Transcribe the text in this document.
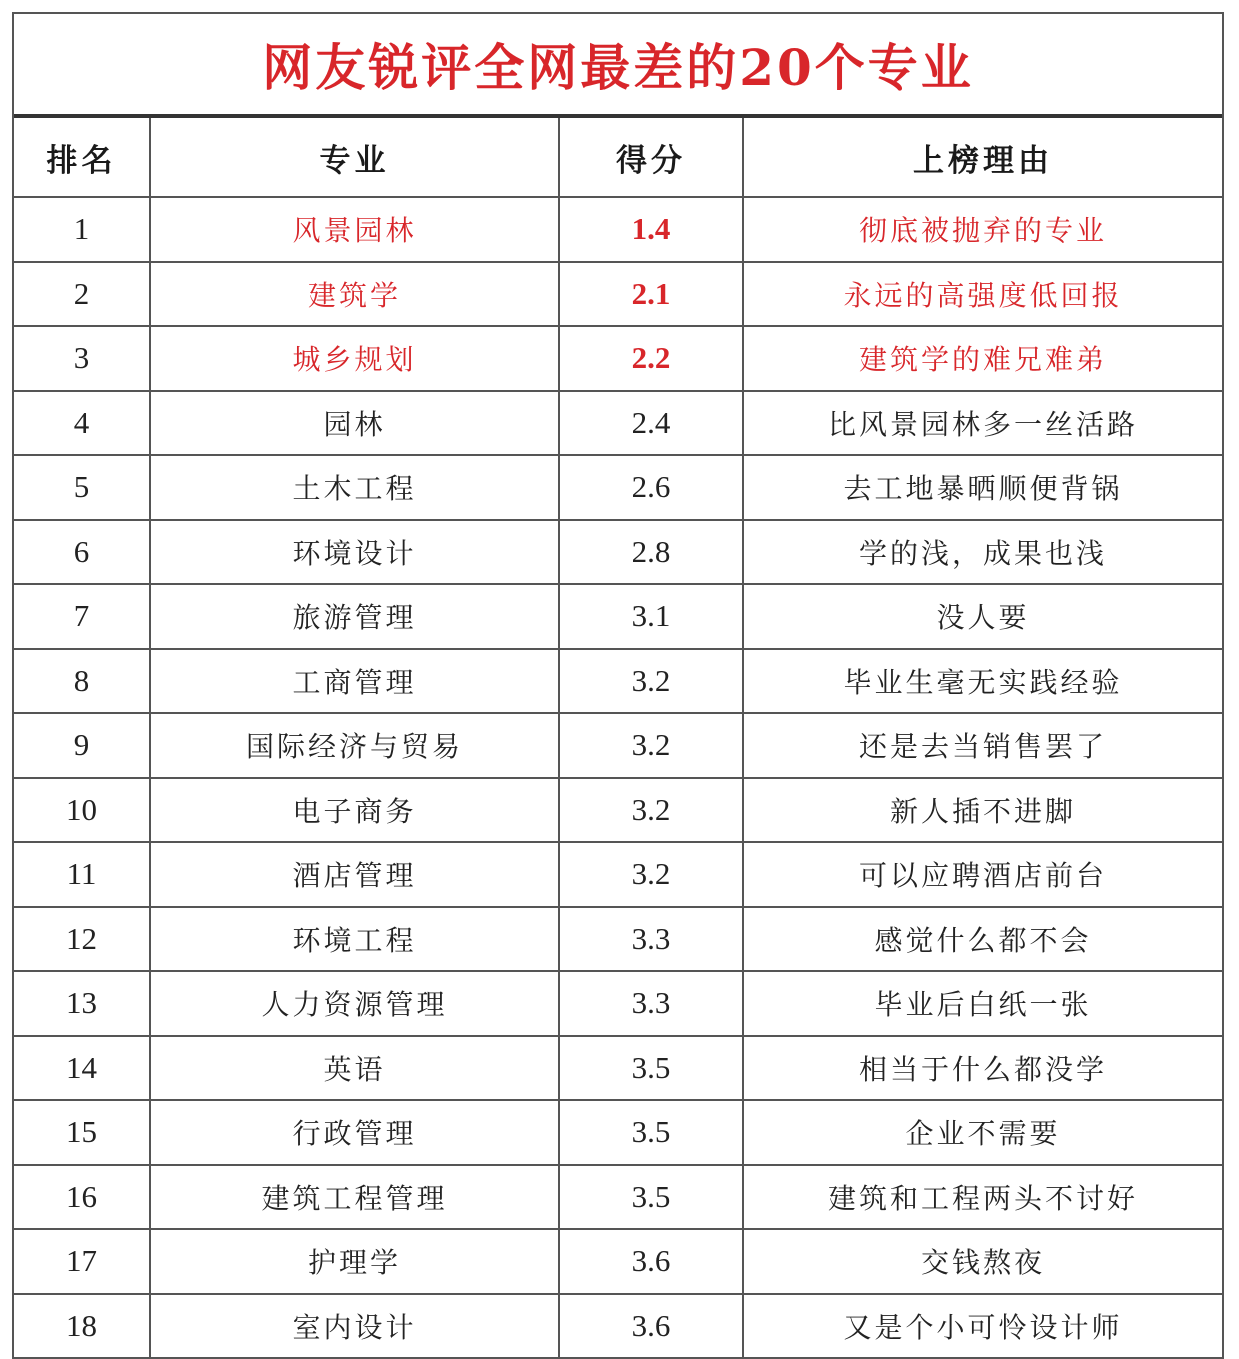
网友锐评全网最差的20个专业
排名	专业	得分	上榜理由
1	风景园林	1.4	彻底被抛弃的专业
2	建筑学	2.1	永远的高强度低回报
3	城乡规划	2.2	建筑学的难兄难弟
4	园林	2.4	比风景园林多一丝活路
5	土木工程	2.6	去工地暴晒顺便背锅
6	环境设计	2.8	学的浅，成果也浅
7	旅游管理	3.1	没人要
8	工商管理	3.2	毕业生毫无实践经验
9	国际经济与贸易	3.2	还是去当销售罢了
10	电子商务	3.2	新人插不进脚
11	酒店管理	3.2	可以应聘酒店前台
12	环境工程	3.3	感觉什么都不会
13	人力资源管理	3.3	毕业后白纸一张
14	英语	3.5	相当于什么都没学
15	行政管理	3.5	企业不需要
16	建筑工程管理	3.5	建筑和工程两头不讨好
17	护理学	3.6	交钱熬夜
18	室内设计	3.6	又是个小可怜设计师
